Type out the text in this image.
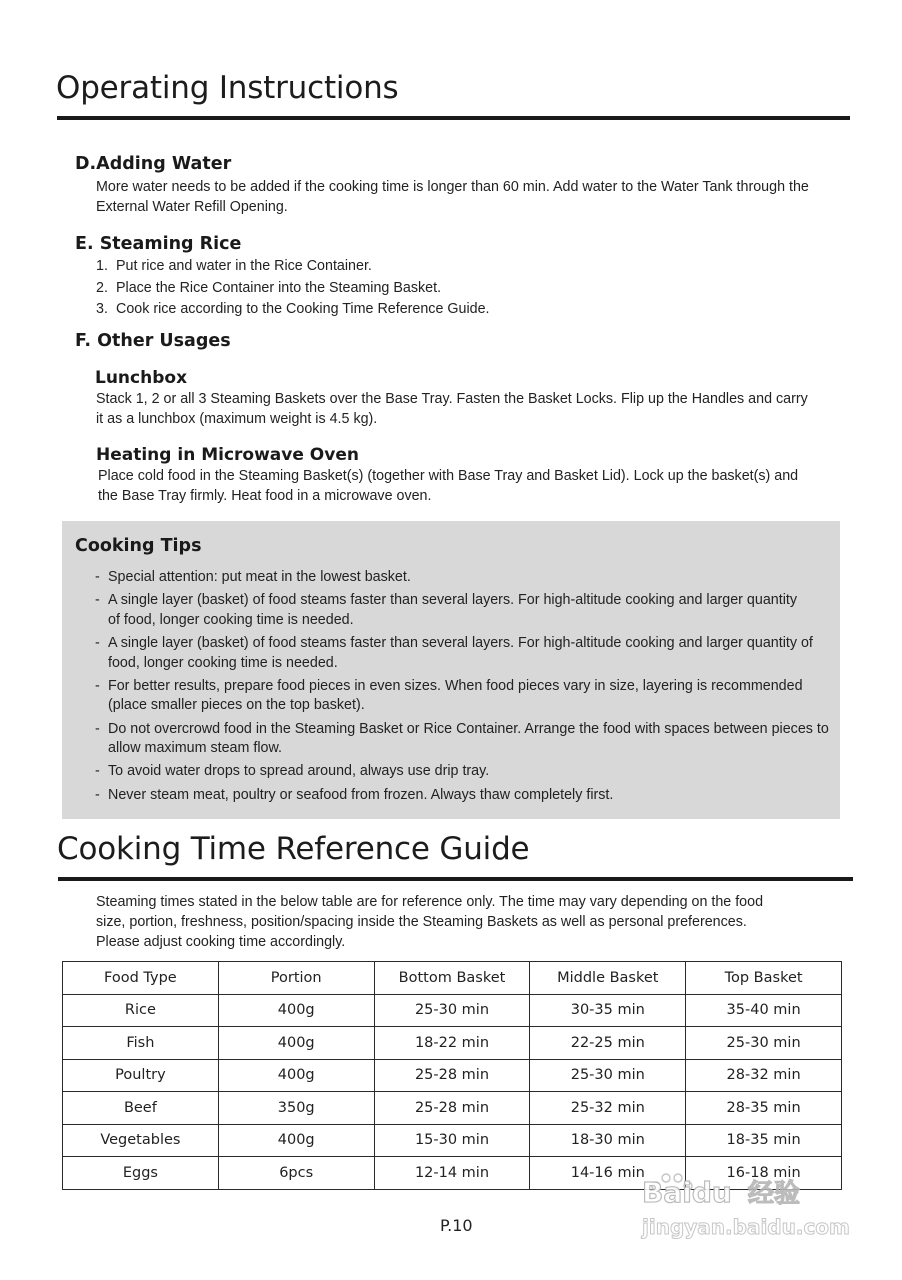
Operating Instructions
D.Adding Water
More water needs to be added if the cooking time is longer than 60 min. Add water to the Water Tank through the
External Water Refill Opening.
E. Steaming Rice
1. Put rice and water in the Rice Container.
2. Place the Rice Container into the Steaming Basket.
3. Cook rice according to the Cooking Time Reference Guide.
F. Other Usages
Lunchbox
Stack 1, 2 or all 3 Steaming Baskets over the Base Tray. Fasten the Basket Locks. Flip up the Handles and carry
it as a lunchbox (maximum weight is 4.5 kg).
Heating in Microwave Oven
Place cold food in the Steaming Basket(s) (together with Base Tray and Basket Lid). Lock up the basket(s) and
the Base Tray firmly. Heat food in a microwave oven.
Cooking Tips
- Special attention: put meat in the lowest basket.
- A single layer (basket) of food steams faster than several layers. For high-altitude cooking and larger quantity
of food, longer cooking time is needed.
- A single layer (basket) of food steams faster than several layers. For high-altitude cooking and larger quantity of
food, longer cooking time is needed.
- For better results, prepare food pieces in even sizes. When food pieces vary in size, layering is recommended
(place smaller pieces on the top basket).
- Do not overcrowd food in the Steaming Basket or Rice Container. Arrange the food with spaces between pieces to
allow maximum steam flow.
- To avoid water drops to spread around, always use drip tray.
- Never steam meat, poultry or seafood from frozen. Always thaw completely first.
Cooking Time Reference Guide
Steaming times stated in the below table are for reference only. The time may vary depending on the food
size, portion, freshness, position/spacing inside the Steaming Baskets as well as personal preferences.
Please adjust cooking time accordingly.
Food Type	Portion	Bottom Basket	Middle Basket	Top Basket
Rice	400g	25-30 min	30-35 min	35-40 min
Fish	400g	18-22 min	22-25 min	25-30 min
Poultry	400g	25-28 min	25-30 min	28-32 min
Beef	350g	25-28 min	25-32 min	28-35 min
Vegetables	400g	15-30 min	18-30 min	18-35 min
Eggs	6pcs	12-14 min	14-16 min	16-18 min
P.10
Baidu 经验
jingyan.baidu.com
